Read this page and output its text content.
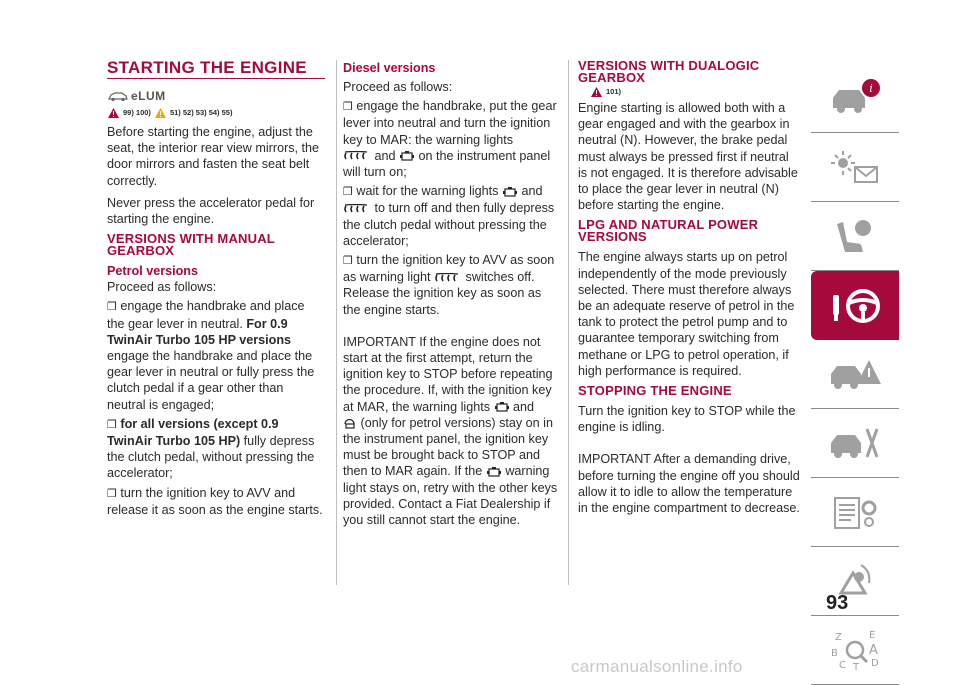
STARTING THE ENGINE
eLUM
99) 100)	51) 52) 53) 54) 55)

Before starting the engine, adjust the seat, the interior rear view mirrors, the door mirrors and fasten the seat belt correctly.

Never press the accelerator pedal for starting the engine.

VERSIONS WITH MANUAL GEARBOX
Petrol versions

Proceed as follows:

❒ engage the handbrake and place the gear lever in neutral. For 0.9 TwinAir Turbo 105 HP versions engage the handbrake and place the gear lever in neutral or fully press the clutch pedal if a gear other than neutral is engaged;

❒ for all versions (except 0.9 TwinAir Turbo 105 HP) fully depress the clutch pedal, without pressing the accelerator;

❒ turn the ignition key to AVV and release it as soon as the engine starts.

Diesel versions

Proceed as follows:

❒ engage the handbrake, put the gear lever into neutral and turn the ignition key to MAR: the warning lights
and on the instrument panel will turn on;

❒ wait for the warning lights and
to turn off and then fully depress the clutch pedal without pressing the accelerator;

❒ turn the ignition key to AVV as soon as warning light	switches off. Release the ignition key as soon as the engine starts.

IMPORTANT If the engine does not start at the first attempt, return the ignition key to STOP before repeating the procedure. If, with the ignition key at MAR, the warning lights and
(only for petrol versions) stay on in the instrument panel, the ignition key must be brought back to STOP and then to MAR again. If the warning light stays on, retry with the other keys provided. Contact a Fiat Dealership if you still cannot start the engine.

VERSIONS WITH DUALOGIC GEARBOX
101)

Engine starting is allowed both with a gear engaged and with the gearbox in neutral (N). However, the brake pedal must always be pressed first if neutral is not engaged. It is therefore advisable to place the gear lever in neutral (N) before starting the engine.

LPG AND NATURAL POWER VERSIONS

The engine always starts up on petrol independently of the mode previously selected. There must therefore always be an adequate reserve of petrol in the tank to protect the petrol pump and to guarantee temporary switching from methane or LPG to petrol operation, if high performance is required.

STOPPING THE ENGINE

Turn the ignition key to STOP while the engine is idling.

IMPORTANT After a demanding drive, before turning the engine off you should allow it to idle to allow the temperature in the engine compartment to decrease.

i
Z	E
B A
C	D
T
93
carmanualsonline.info
